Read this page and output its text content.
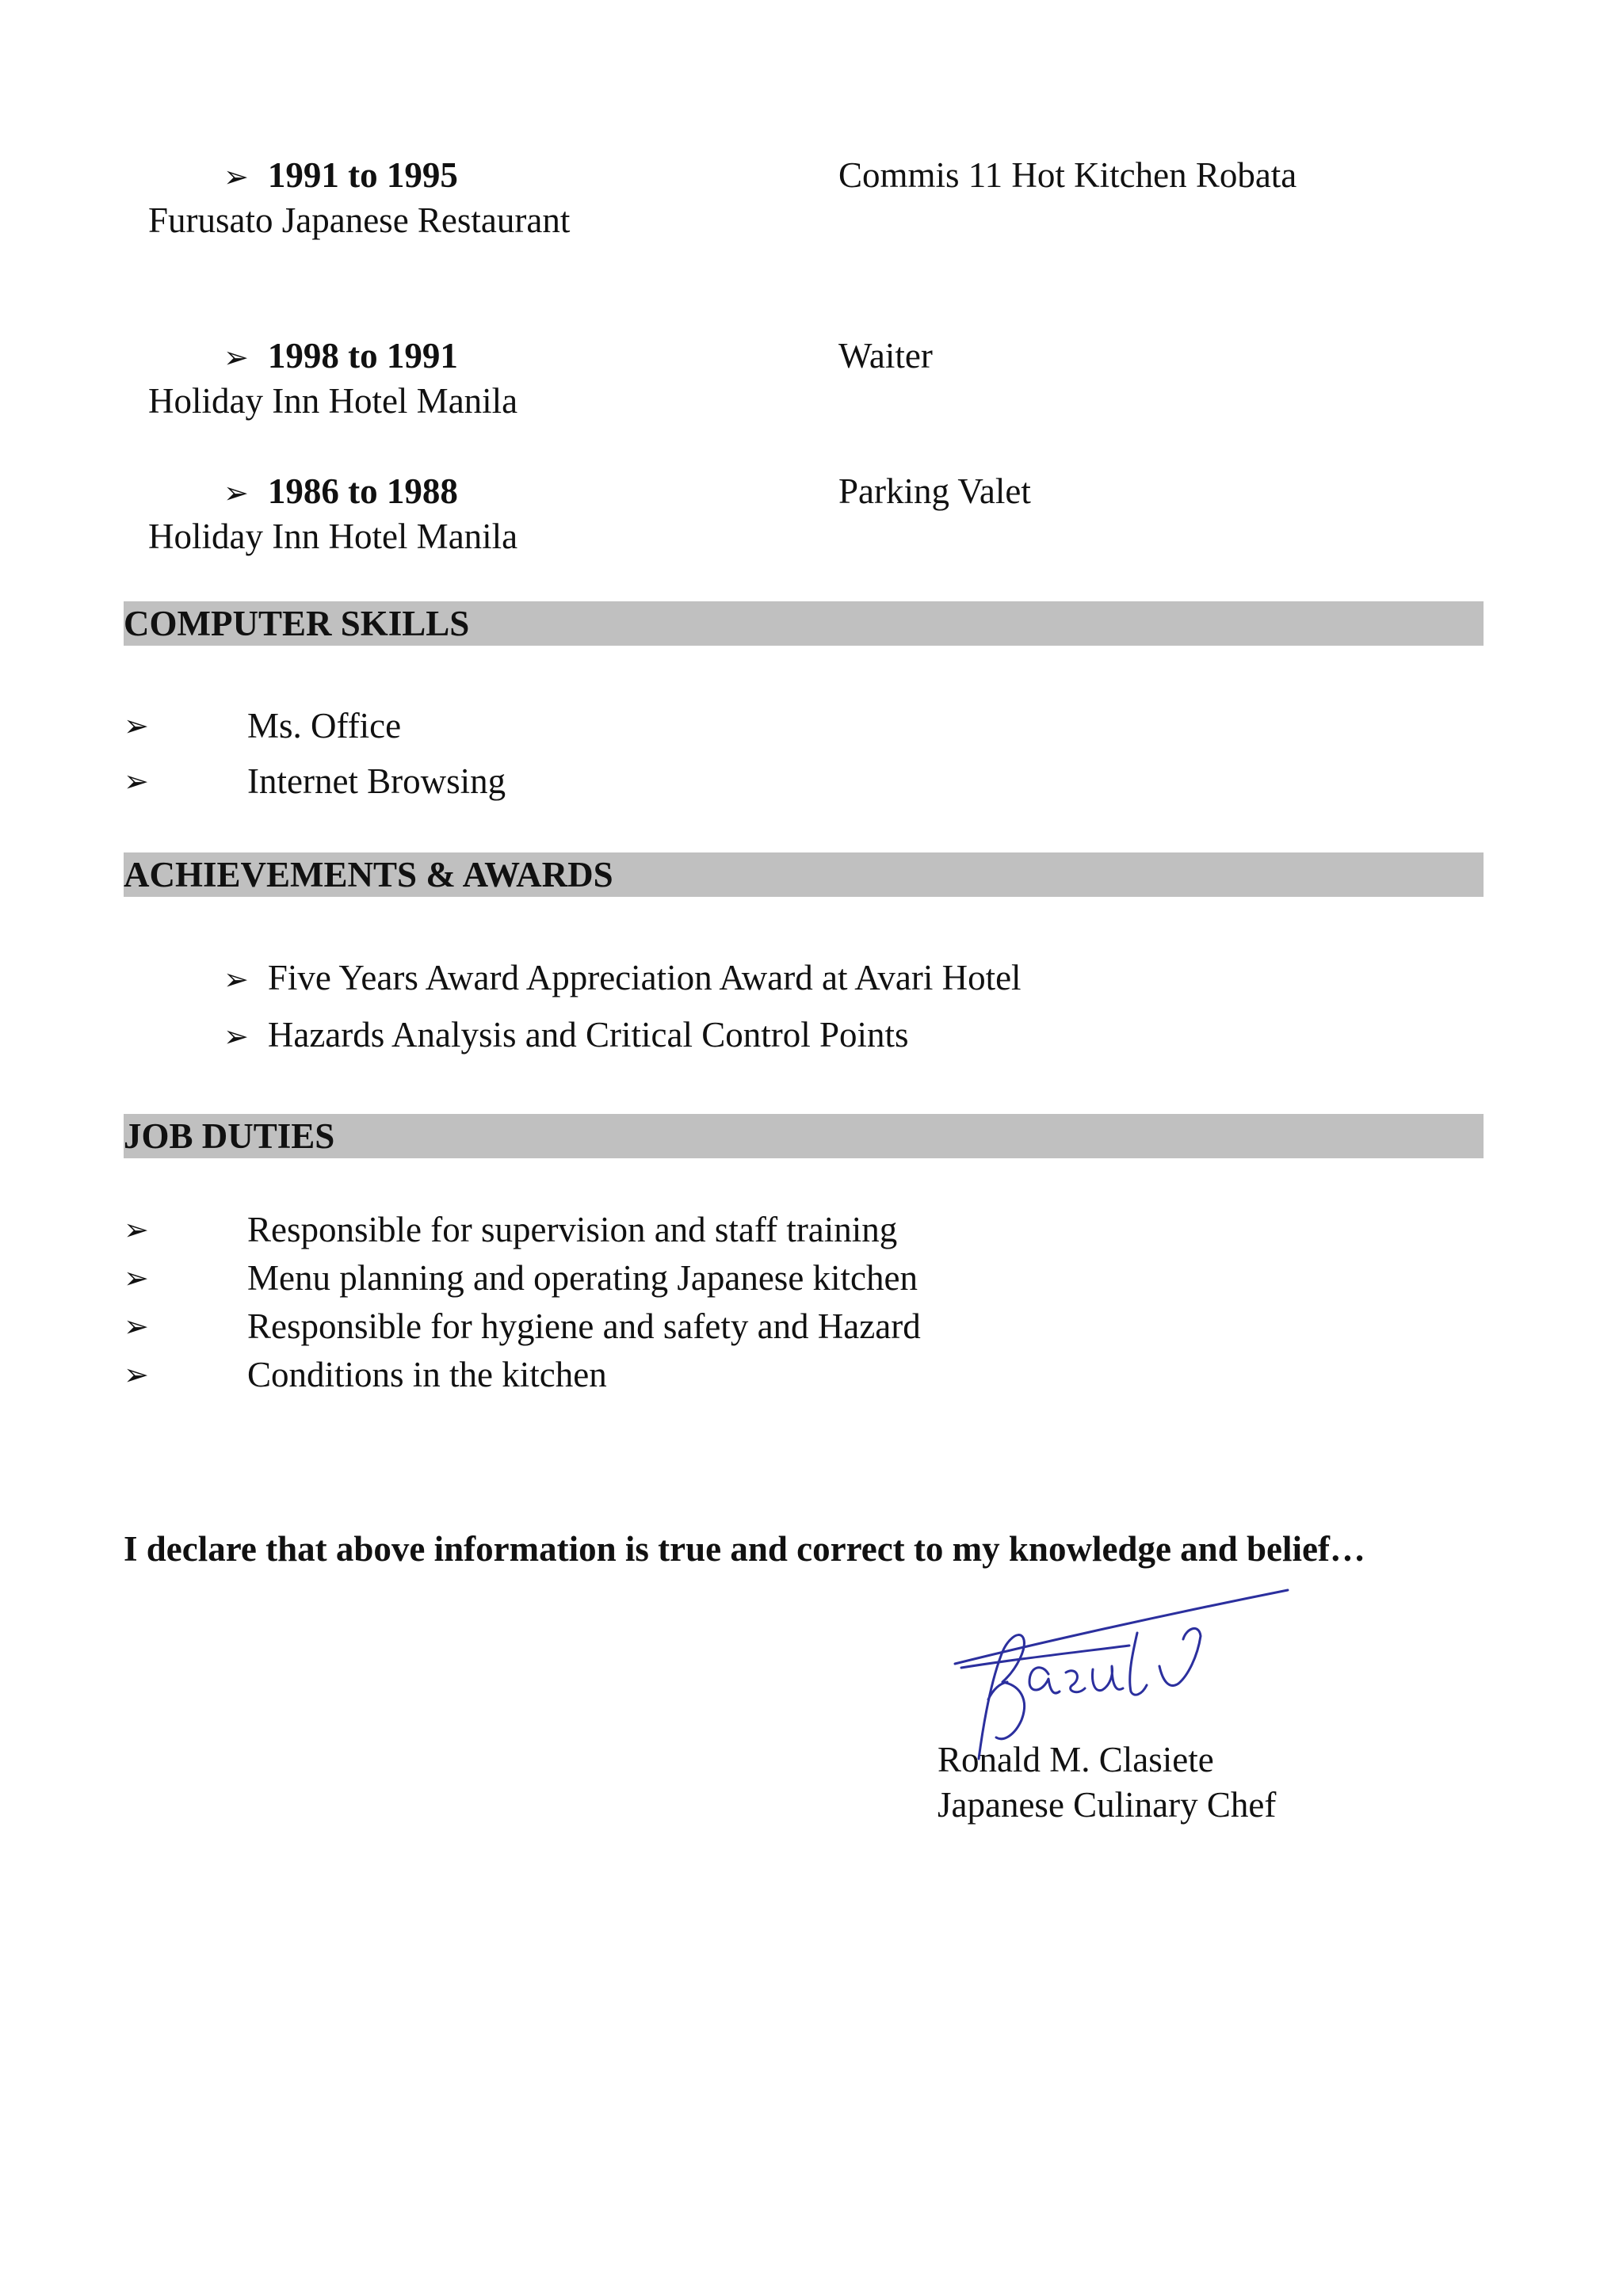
➢ 1991 to 1995	Commis 11 Hot Kitchen Robata
Furusato Japanese Restaurant
➢ 1998 to 1991	Waiter
Holiday Inn Hotel Manila
➢ 1986 to 1988	Parking Valet
Holiday Inn Hotel Manila
COMPUTER SKILLS
➢	Ms. Office
➢	Internet Browsing
ACHIEVEMENTS & AWARDS
➢ Five Years Award Appreciation Award at Avari Hotel
➢ Hazards Analysis and Critical Control Points
JOB DUTIES
➢	Responsible for supervision and staff training
➢	Menu planning and operating Japanese kitchen
➢	Responsible for hygiene and safety and Hazard
➢	Conditions in the kitchen
I declare that above information is true and correct to my knowledge and belief…
Ronald M. Clasiete
Japanese Culinary Chef
